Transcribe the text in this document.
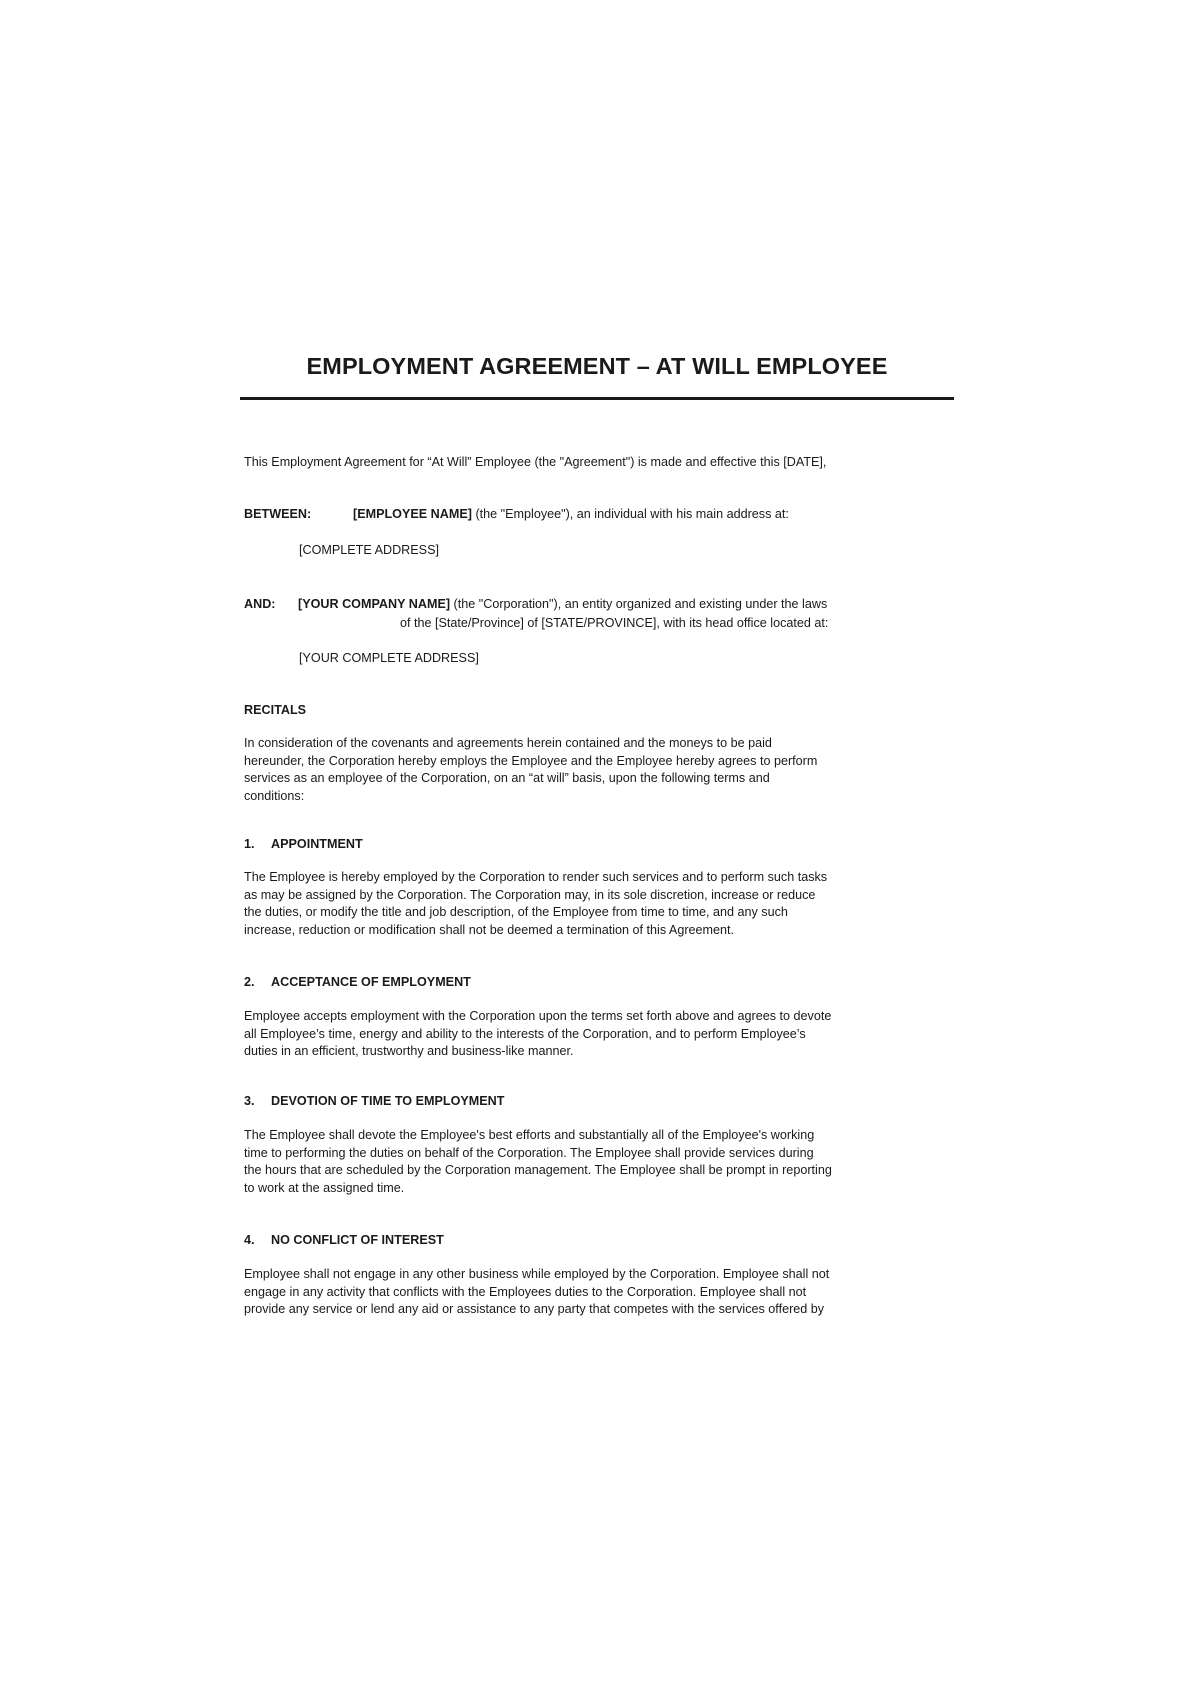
EMPLOYMENT AGREEMENT – AT WILL EMPLOYEE

This Employment Agreement for “At Will” Employee (the "Agreement") is made and effective this [DATE],

BETWEEN:	[EMPLOYEE NAME] (the "Employee"), an individual with his main address at:

[COMPLETE ADDRESS]

AND: [YOUR COMPANY NAME] (the "Corporation"), an entity organized and existing under the laws

of the [State/Province] of [STATE/PROVINCE], with its head office located at:

[YOUR COMPLETE ADDRESS]

RECITALS

In consideration of the covenants and agreements herein contained and the moneys to be paid
hereunder, the Corporation hereby employs the Employee and the Employee hereby agrees to perform
services as an employee of the Corporation, on an “at will” basis, upon the following terms and
conditions:

1. APPOINTMENT

The Employee is hereby employed by the Corporation to render such services and to perform such tasks
as may be assigned by the Corporation. The Corporation may, in its sole discretion, increase or reduce
the duties, or modify the title and job description, of the Employee from time to time, and any such
increase, reduction or modification shall not be deemed a termination of this Agreement.

2. ACCEPTANCE OF EMPLOYMENT

Employee accepts employment with the Corporation upon the terms set forth above and agrees to devote
all Employee’s time, energy and ability to the interests of the Corporation, and to perform Employee’s
duties in an efficient, trustworthy and business-like manner.

3. DEVOTION OF TIME TO EMPLOYMENT

The Employee shall devote the Employee's best efforts and substantially all of the Employee's working
time to performing the duties on behalf of the Corporation. The Employee shall provide services during
the hours that are scheduled by the Corporation management. The Employee shall be prompt in reporting
to work at the assigned time.

4. NO CONFLICT OF INTEREST

Employee shall not engage in any other business while employed by the Corporation. Employee shall not
engage in any activity that conflicts with the Employees duties to the Corporation. Employee shall not
provide any service or lend any aid or assistance to any party that competes with the services offered by
